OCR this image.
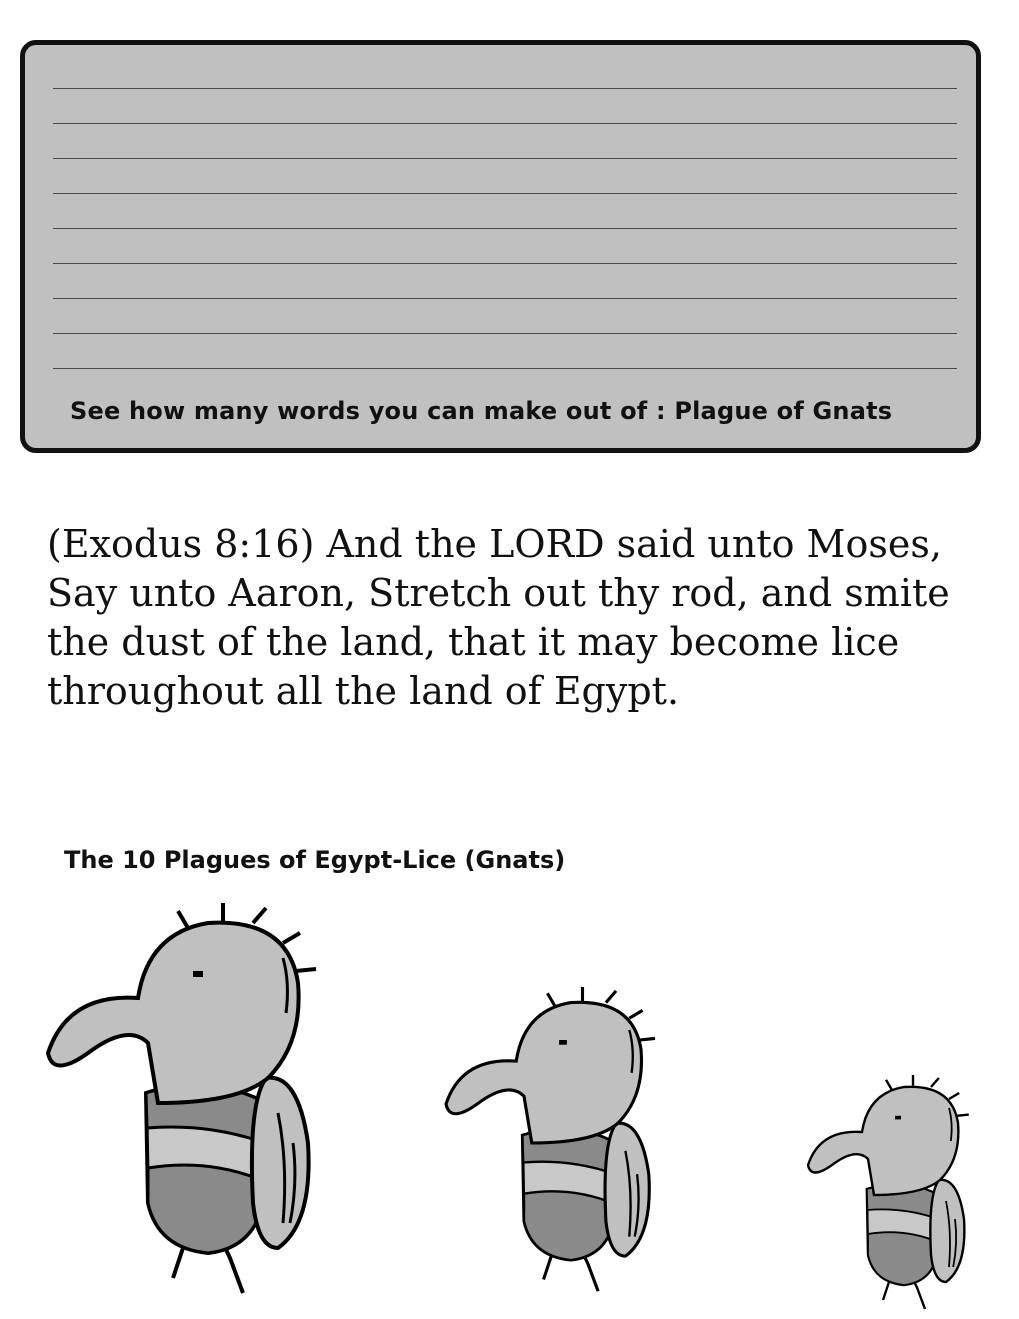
See how many words you can make out of : Plague of Gnats

(Exodus 8:16) And the LORD said unto Moses,
Say unto Aaron, Stretch out thy rod, and smite
the dust of the land, that it may become lice
throughout all the land of Egypt.

The 10 Plagues of Egypt-Lice (Gnats)
